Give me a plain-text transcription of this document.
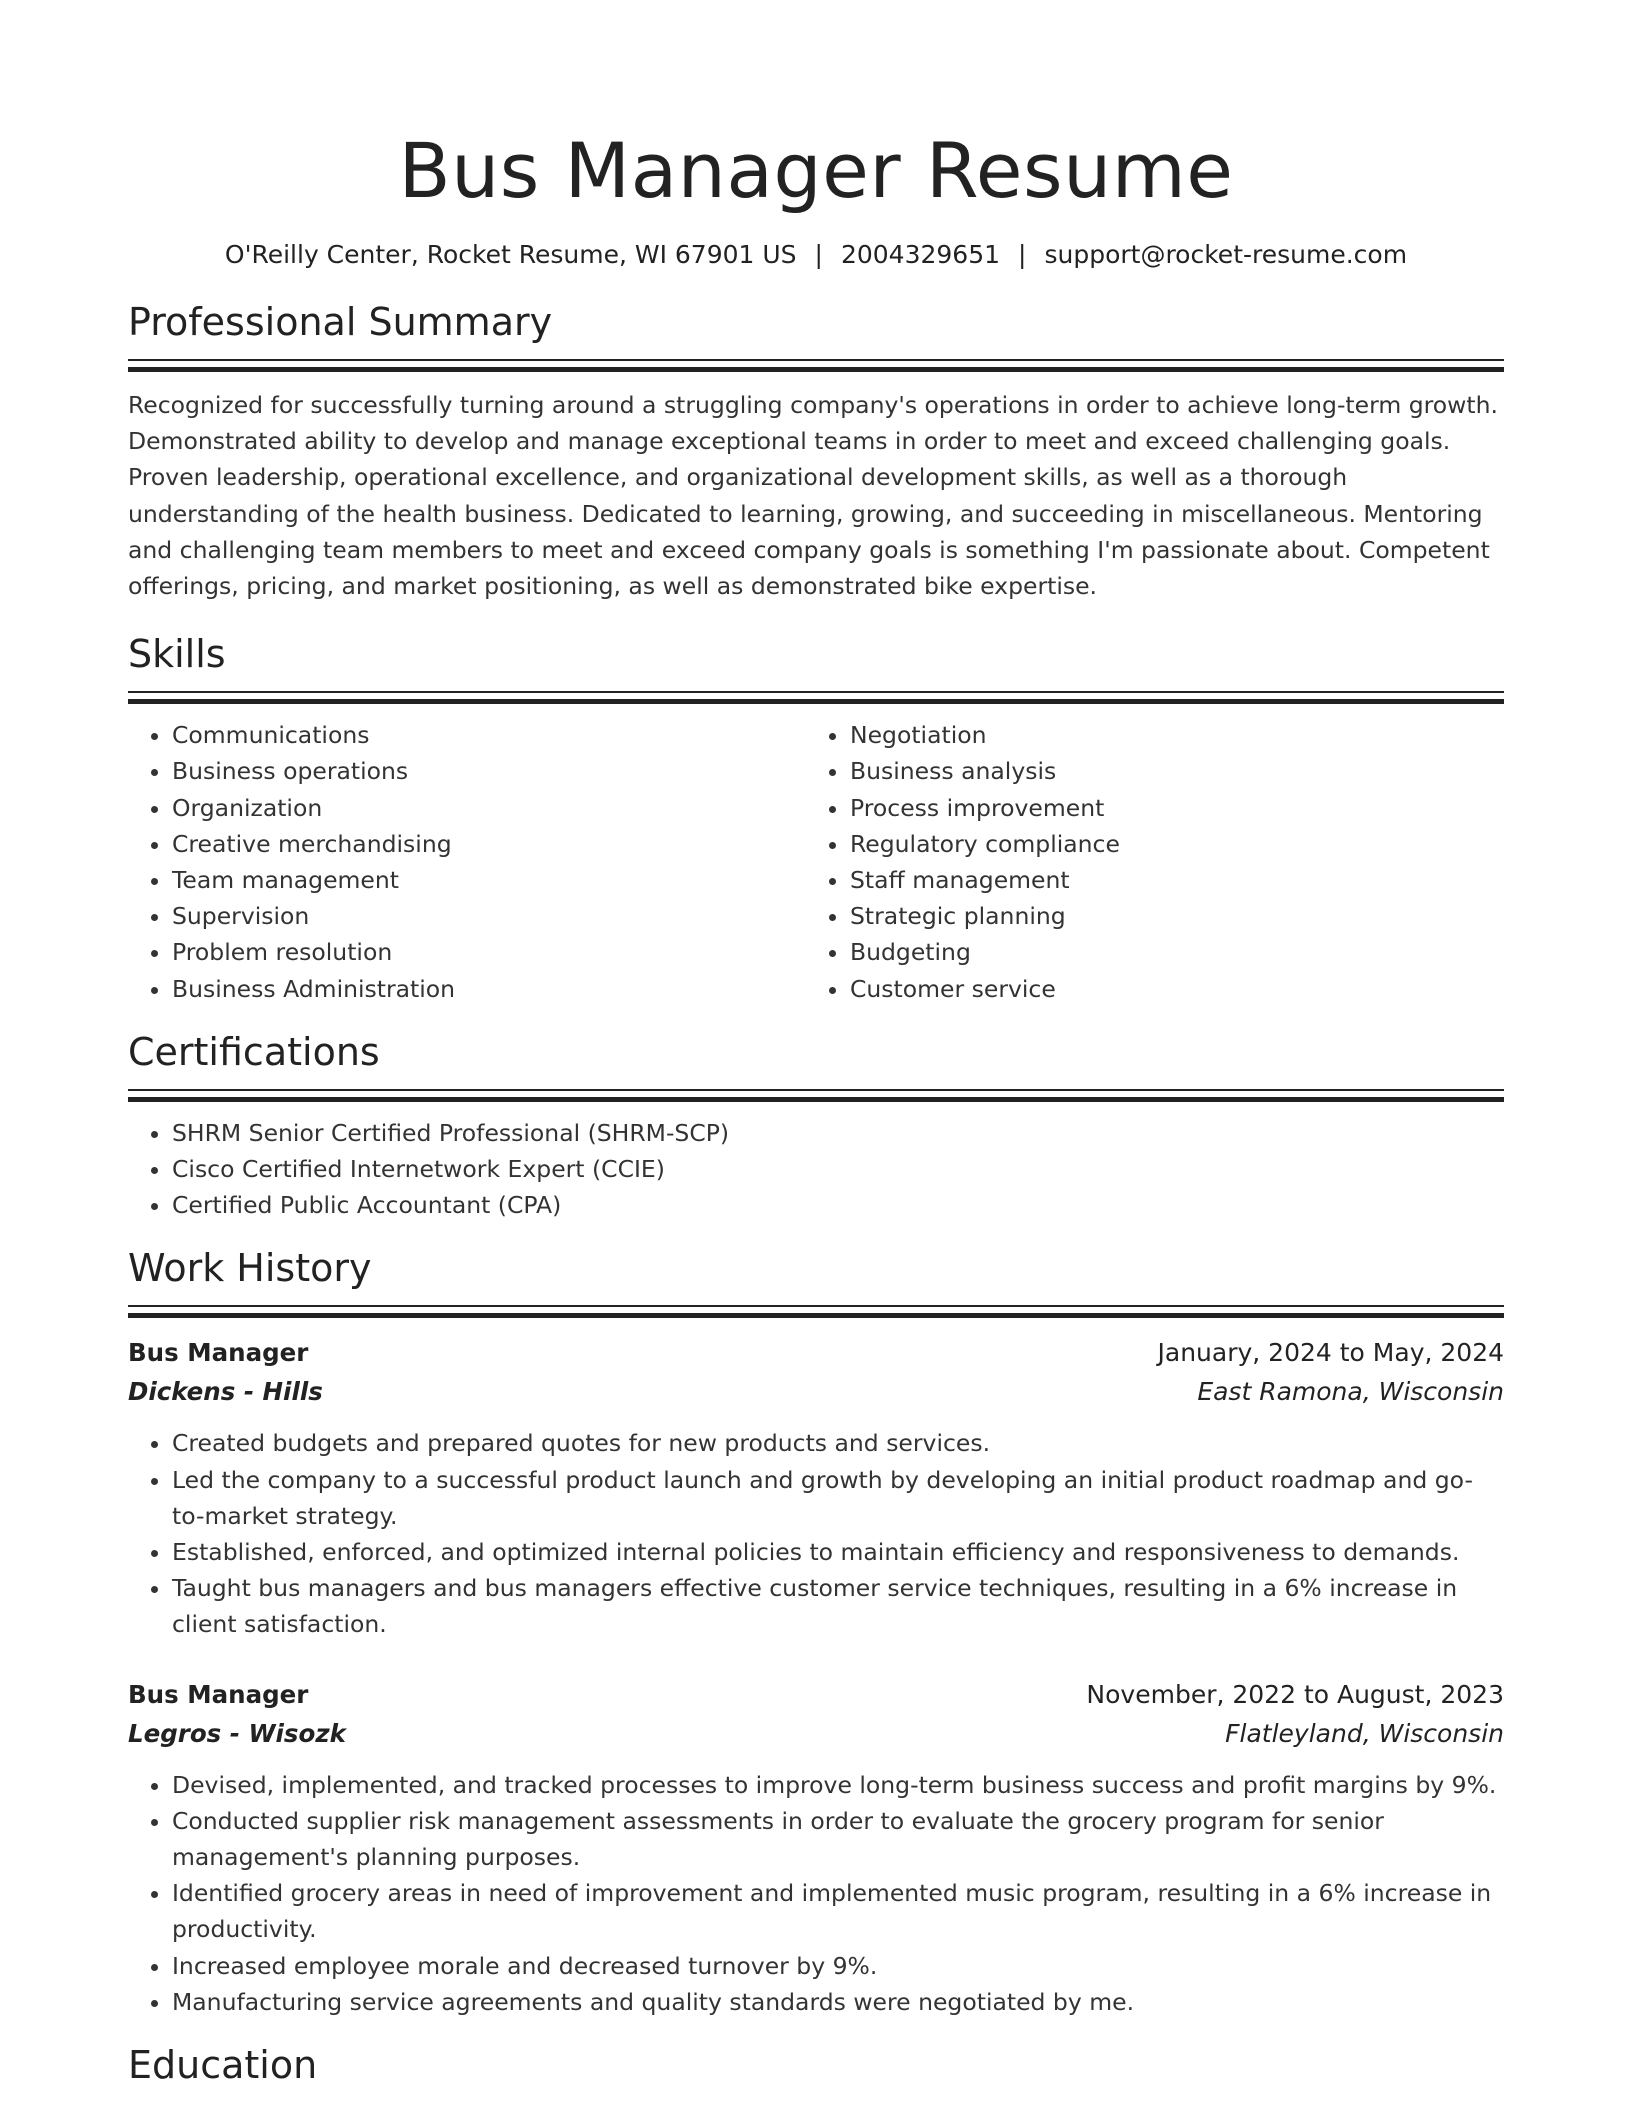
Bus Manager Resume
O'Reilly Center, Rocket Resume, WI 67901 US | 2004329651 | support@rocket-resume.com
Professional Summary

Recognized for successfully turning around a struggling company's operations in order to achieve long-term growth. Demonstrated ability to develop and manage exceptional teams in order to meet and exceed challenging goals. Proven leadership, operational excellence, and organizational development skills, as well as a thorough understanding of the health business. Dedicated to learning, growing, and succeeding in miscellaneous. Mentoring and challenging team members to meet and exceed company goals is something I'm passionate about. Competent offerings, pricing, and market positioning, as well as demonstrated bike expertise.

Skills
• Communications
• Business operations
• Organization
• Creative merchandising
• Team management
• Supervision
• Problem resolution
• Business Administration
• Negotiation
• Business analysis
• Process improvement
• Regulatory compliance
• Staff management
• Strategic planning
• Budgeting
• Customer service
Certifications
• SHRM Senior Certified Professional (SHRM-SCP)
• Cisco Certified Internetwork Expert (CCIE)
• Certified Public Accountant (CPA)
Work History
Bus Manager	January, 2024 to May, 2024
Dickens - Hills	East Ramona, Wisconsin
• Created budgets and prepared quotes for new products and services.
• Led the company to a successful product launch and growth by developing an initial product roadmap and go-to-market strategy.
• Established, enforced, and optimized internal policies to maintain efficiency and responsiveness to demands.
• Taught bus managers and bus managers effective customer service techniques, resulting in a 6% increase in client satisfaction.
Bus Manager	November, 2022 to August, 2023
Legros - Wisozk	Flatleyland, Wisconsin
• Devised, implemented, and tracked processes to improve long-term business success and profit margins by 9%.
• Conducted supplier risk management assessments in order to evaluate the grocery program for senior management's planning purposes.
• Identified grocery areas in need of improvement and implemented music program, resulting in a 6% increase in productivity.
• Increased employee morale and decreased turnover by 9%.
• Manufacturing service agreements and quality standards were negotiated by me.
Education
